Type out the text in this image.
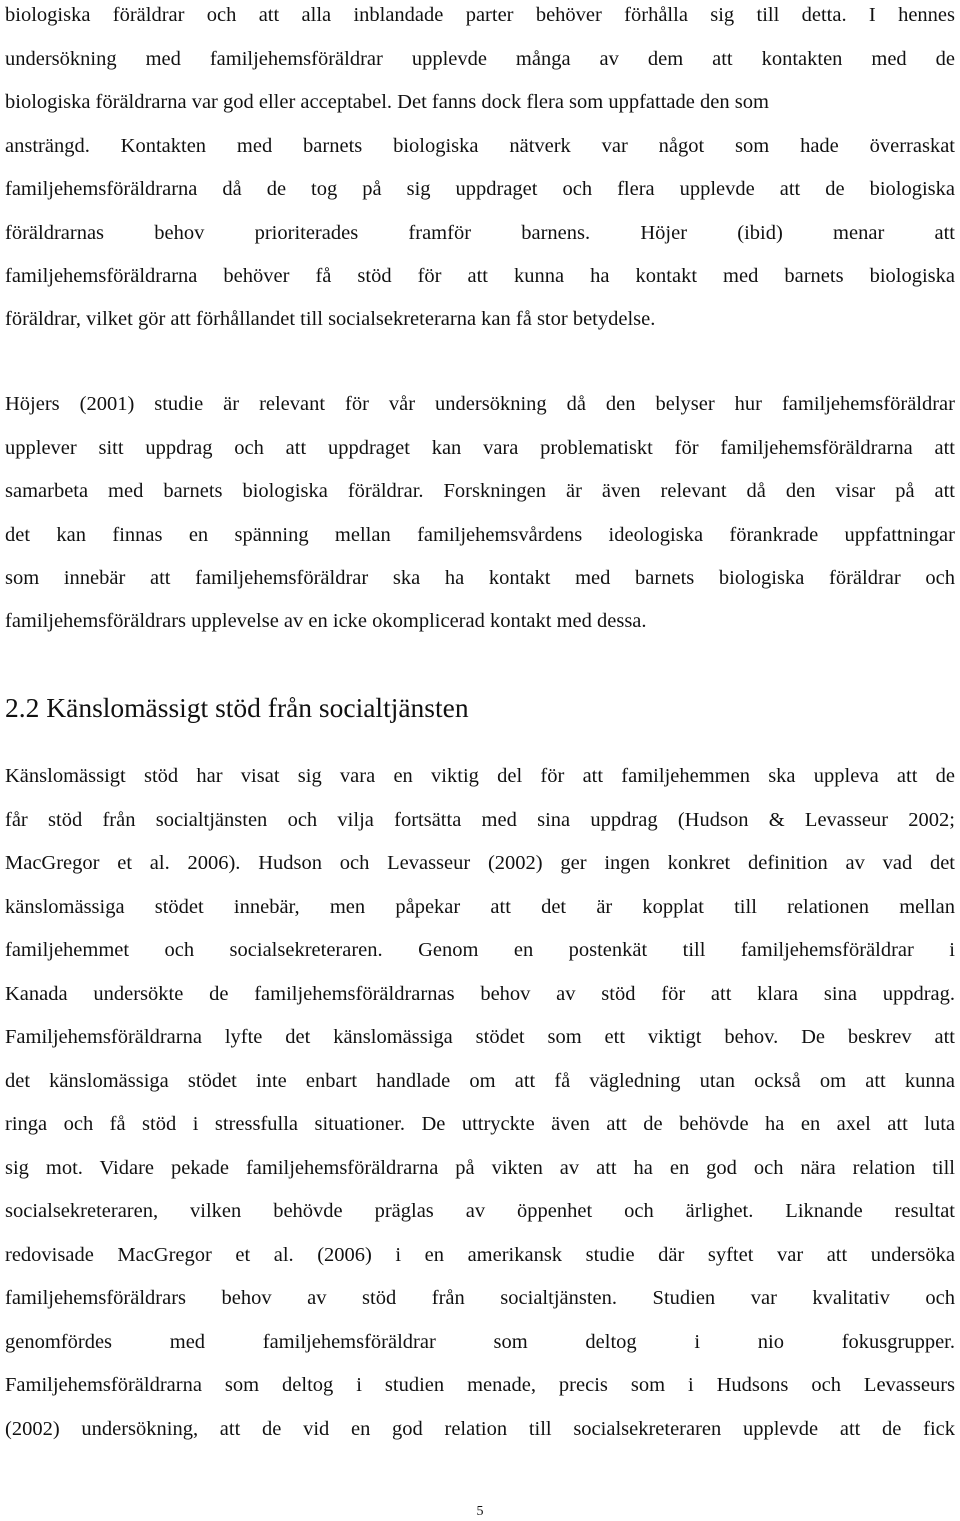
biologiska föräldrar och att alla inblandade parter behöver förhålla sig till detta. I hennes
undersökning med familjehemsföräldrar upplevde många av dem att kontakten med de
biologiska föräldrarna var god eller acceptabel. Det fanns dock flera som uppfattade den som
ansträngd. Kontakten med barnets biologiska nätverk var något som hade överraskat
familjehemsföräldrarna då de tog på sig uppdraget och flera upplevde att de biologiska
föräldrarnas behov prioriterades framför barnens. Höjer (ibid) menar att
familjehemsföräldrarna behöver få stöd för att kunna ha kontakt med barnets biologiska
föräldrar, vilket gör att förhållandet till socialsekreterarna kan få stor betydelse.
Höjers (2001) studie är relevant för vår undersökning då den belyser hur familjehemsföräldrar
upplever sitt uppdrag och att uppdraget kan vara problematiskt för familjehemsföräldrarna att
samarbeta med barnets biologiska föräldrar. Forskningen är även relevant då den visar på att
det kan finnas en spänning mellan familjehemsvårdens ideologiska förankrade uppfattningar
som innebär att familjehemsföräldrar ska ha kontakt med barnets biologiska föräldrar och
familjehemsföräldrars upplevelse av en icke okomplicerad kontakt med dessa.
2.2 Känslomässigt stöd från socialtjänsten
Känslomässigt stöd har visat sig vara en viktig del för att familjehemmen ska uppleva att de
får stöd från socialtjänsten och vilja fortsätta med sina uppdrag (Hudson & Levasseur 2002;
MacGregor et al. 2006). Hudson och Levasseur (2002) ger ingen konkret definition av vad det
känslomässiga stödet innebär, men påpekar att det är kopplat till relationen mellan
familjehemmet och socialsekreteraren. Genom en postenkät till familjehemsföräldrar i
Kanada undersökte de familjehemsföräldrarnas behov av stöd för att klara sina uppdrag.
Familjehemsföräldrarna lyfte det känslomässiga stödet som ett viktigt behov. De beskrev att
det känslomässiga stödet inte enbart handlade om att få vägledning utan också om att kunna
ringa och få stöd i stressfulla situationer. De uttryckte även att de behövde ha en axel att luta
sig mot. Vidare pekade familjehemsföräldrarna på vikten av att ha en god och nära relation till
socialsekreteraren, vilken behövde präglas av öppenhet och ärlighet. Liknande resultat
redovisade MacGregor et al. (2006) i en amerikansk studie där syftet var att undersöka
familjehemsföräldrars behov av stöd från socialtjänsten. Studien var kvalitativ och
genomfördes med familjehemsföräldrar som deltog i nio fokusgrupper.
Familjehemsföräldrarna som deltog i studien menade, precis som i Hudsons och Levasseurs
(2002) undersökning, att de vid en god relation till socialsekreteraren upplevde att de fick
5
